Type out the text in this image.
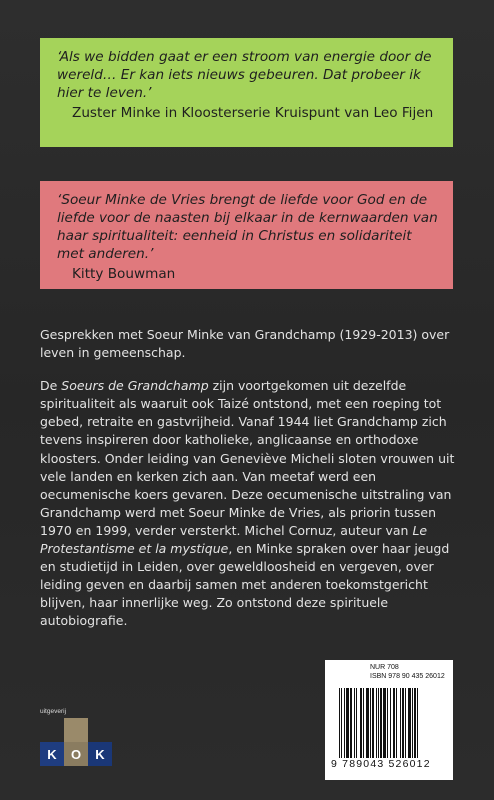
‘Als we bidden gaat er een stroom van energie door de wereld… Er kan iets nieuws gebeuren. Dat probeer ik hier te leven.’

Zuster Minke in Kloosterserie Kruispunt van Leo Fijen

‘Soeur Minke de Vries brengt de liefde voor God en de liefde voor de naasten bij elkaar in de kernwaarden van haar spiritualiteit: eenheid in Christus en solidariteit met anderen.’

Kitty Bouwman

Gesprekken met Soeur Minke van Grandchamp (1929-2013) over leven in gemeenschap.

De Soeurs de Grandchamp zijn voortgekomen uit dezelfde spiritualiteit als waaruit ook Taizé ontstond, met een roeping tot gebed, retraite en gastvrijheid. Vanaf 1944 liet Grandchamp zich tevens inspireren door katholieke, anglicaanse en orthodoxe kloosters. Onder leiding van Geneviève Micheli sloten vrouwen uit vele landen en kerken zich aan. Van meetaf werd een oecumenische koers gevaren. Deze oecumenische uitstraling van Grandchamp werd met Soeur Minke de Vries, als priorin tussen 1970 en 1999, verder versterkt. Michel Cornuz, auteur van Le Protestantisme et la mystique, en Minke spraken over haar jeugd en studietijd in Leiden, over geweldloosheid en vergeven, over leiding geven en daarbij samen met anderen toekomstgericht blijven, haar innerlijke weg. Zo ontstond deze spirituele autobiografie.

uitgeverij
K	O	K
NUR 708
ISBN 978 90 435 26012
9 789043 526012
